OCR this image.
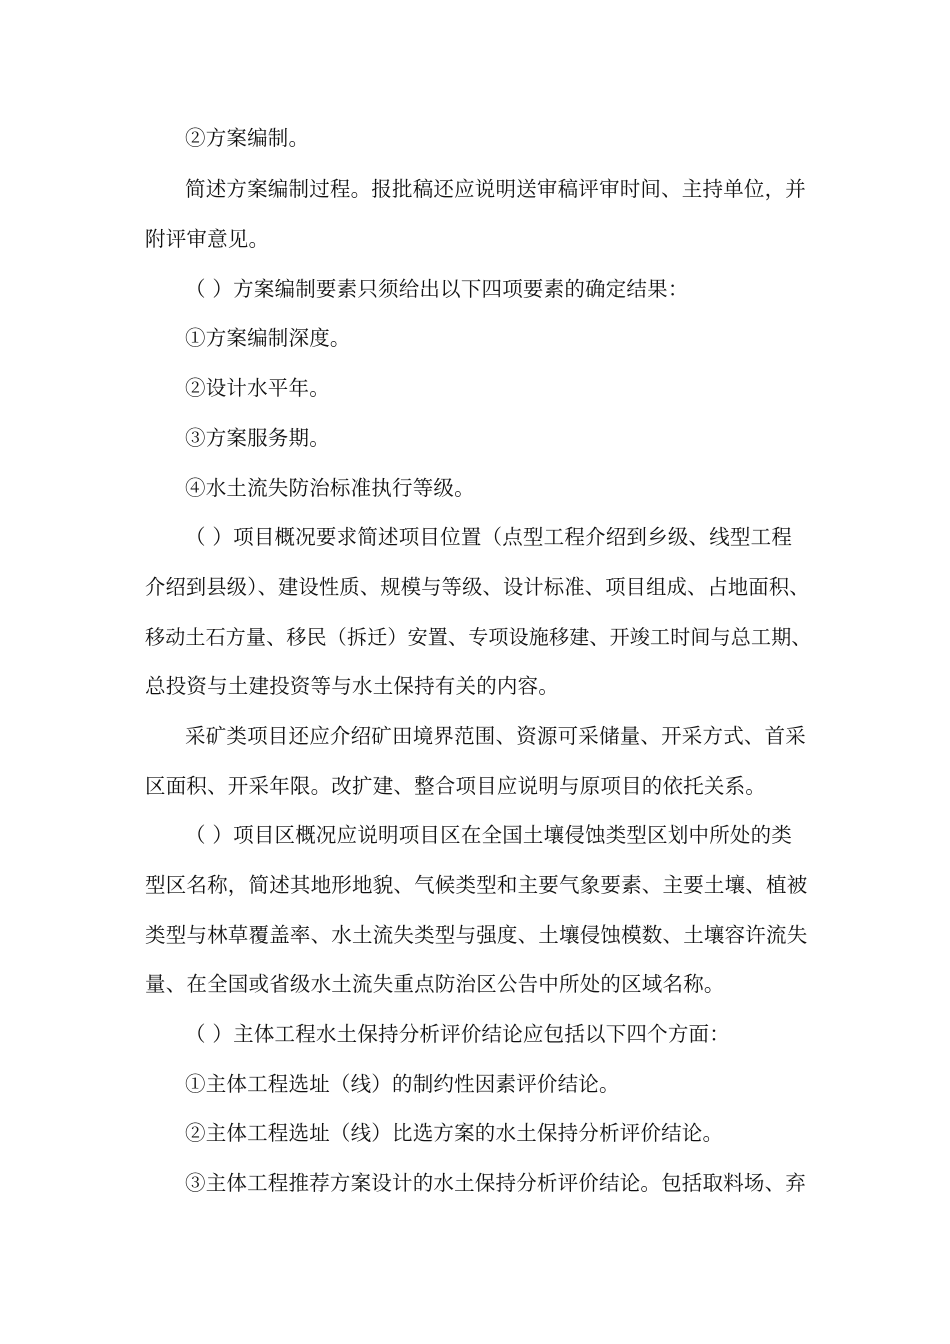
②方案编制。
简述方案编制过程。报批稿还应说明送审稿评审时间、主持单位，并
附评审意见。
（ ）方案编制要素只须给出以下四项要素的确定结果：
①方案编制深度。
②设计水平年。
③方案服务期。
④水土流失防治标准执行等级。
（ ）项目概况要求简述项目位置（点型工程介绍到乡级、线型工程
介绍到县级）、建设性质、规模与等级、设计标准、项目组成、占地面积、
移动土石方量、移民（拆迁）安置、专项设施移建、开竣工时间与总工期、
总投资与土建投资等与水土保持有关的内容。
采矿类项目还应介绍矿田境界范围、资源可采储量、开采方式、首采
区面积、开采年限。改扩建、整合项目应说明与原项目的依托关系。
（ ）项目区概况应说明项目区在全国土壤侵蚀类型区划中所处的类
型区名称，简述其地形地貌、气候类型和主要气象要素、主要土壤、植被
类型与林草覆盖率、水土流失类型与强度、土壤侵蚀模数、土壤容许流失
量、在全国或省级水土流失重点防治区公告中所处的区域名称。
（ ）主体工程水土保持分析评价结论应包括以下四个方面：
①主体工程选址（线）的制约性因素评价结论。
②主体工程选址（线）比选方案的水土保持分析评价结论。
③主体工程推荐方案设计的水土保持分析评价结论。包括取料场、弃
